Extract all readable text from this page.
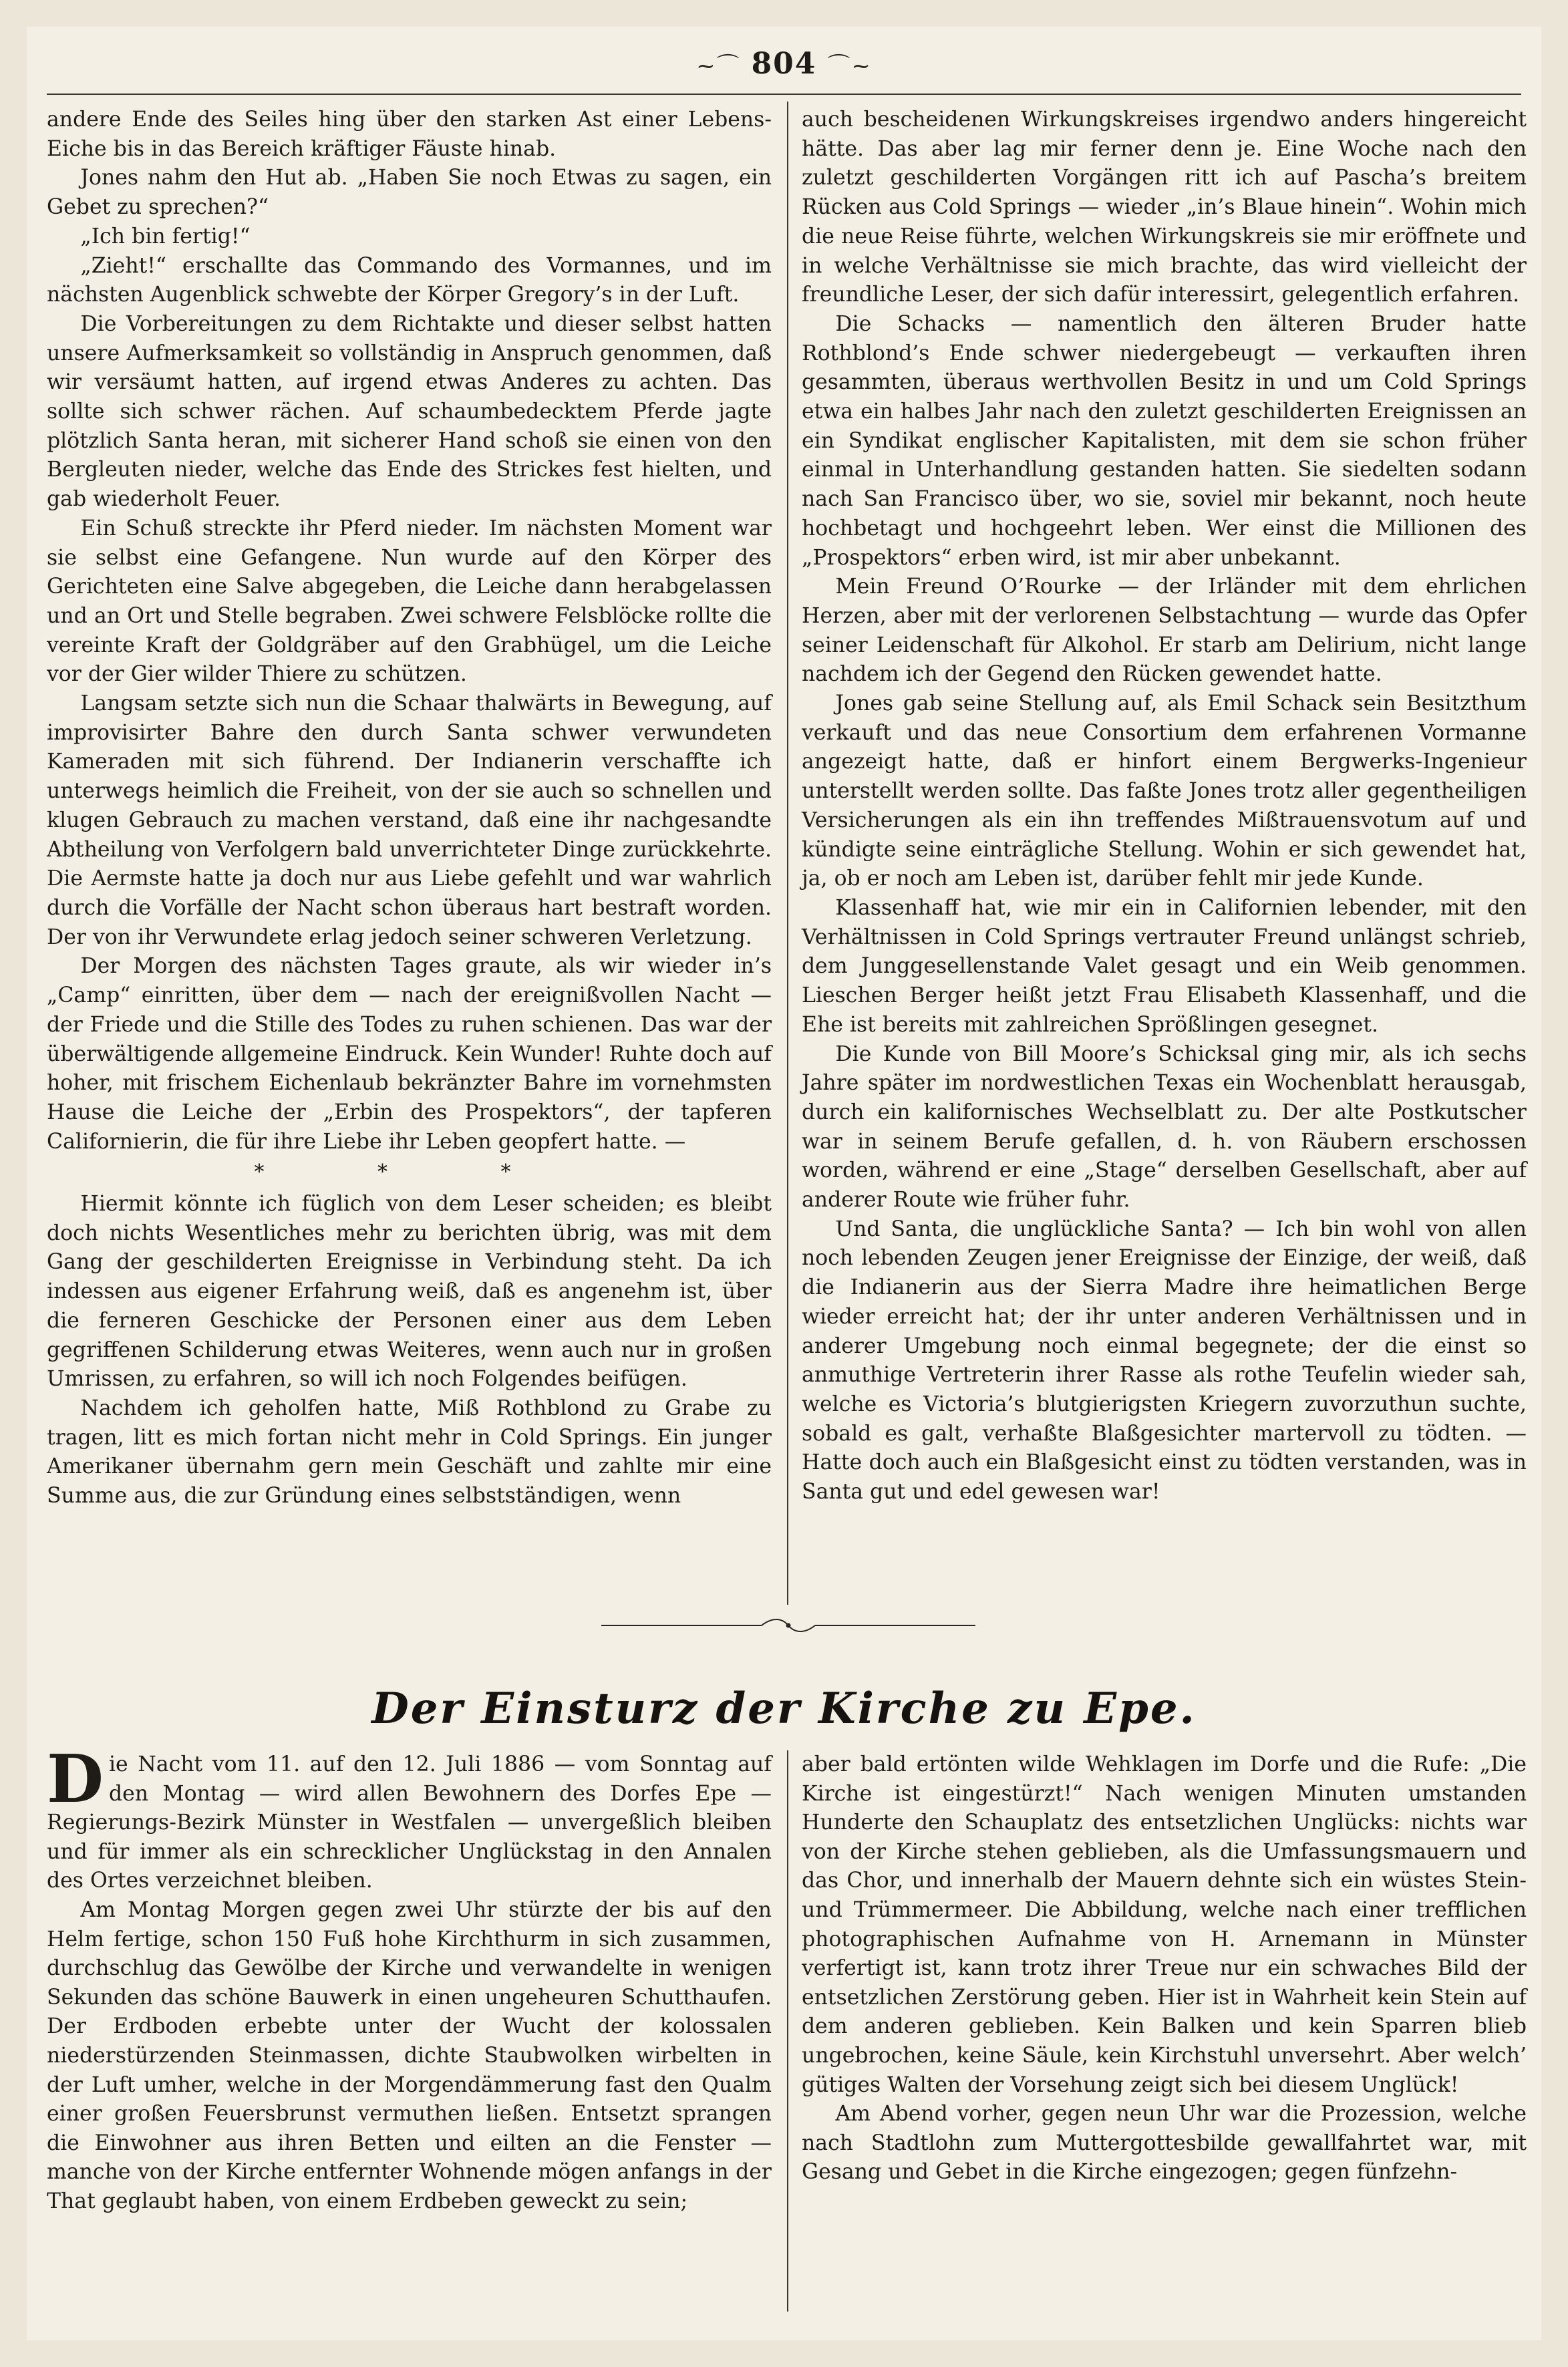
~⌒ 804 ⌒~

andere Ende des Seiles hing über den starken Ast einer Lebens-Eiche bis in das Bereich kräftiger Fäuste hinab.

Jones nahm den Hut ab. „Haben Sie noch Etwas zu sagen, ein Gebet zu sprechen?“

„Ich bin fertig!“

„Zieht!“ erschallte das Commando des Vormannes, und im nächsten Augenblick schwebte der Körper Gregory’s in der Luft.

Die Vorbereitungen zu dem Richtakte und dieser selbst hatten unsere Aufmerksamkeit so vollständig in Anspruch genommen, daß wir versäumt hatten, auf irgend etwas Anderes zu achten. Das sollte sich schwer rächen. Auf schaumbedecktem Pferde jagte plötzlich Santa heran, mit sicherer Hand schoß sie einen von den Bergleuten nieder, welche das Ende des Strickes fest hielten, und gab wiederholt Feuer.

Ein Schuß streckte ihr Pferd nieder. Im nächsten Moment war sie selbst eine Gefangene. Nun wurde auf den Körper des Gerichteten eine Salve abgegeben, die Leiche dann herabgelassen und an Ort und Stelle begraben. Zwei schwere Felsblöcke rollte die vereinte Kraft der Goldgräber auf den Grabhügel, um die Leiche vor der Gier wilder Thiere zu schützen.

Langsam setzte sich nun die Schaar thalwärts in Bewegung, auf improvisirter Bahre den durch Santa schwer verwundeten Kameraden mit sich führend. Der Indianerin verschaffte ich unterwegs heimlich die Freiheit, von der sie auch so schnellen und klugen Gebrauch zu machen verstand, daß eine ihr nachgesandte Abtheilung von Verfolgern bald unverrichteter Dinge zurückkehrte. Die Aermste hatte ja doch nur aus Liebe gefehlt und war wahrlich durch die Vorfälle der Nacht schon überaus hart bestraft worden. Der von ihr Verwundete erlag jedoch seiner schweren Verletzung.

Der Morgen des nächsten Tages graute, als wir wieder in’s „Camp“ einritten, über dem — nach der ereignißvollen Nacht — der Friede und die Stille des Todes zu ruhen schienen. Das war der überwältigende allgemeine Eindruck. Kein Wunder! Ruhte doch auf hoher, mit frischem Eichenlaub bekränzter Bahre im vornehmsten Hause die Leiche der „Erbin des Prospektors“, der tapferen Californierin, die für ihre Liebe ihr Leben geopfert hatte. —

* * *

Hiermit könnte ich füglich von dem Leser scheiden; es bleibt doch nichts Wesentliches mehr zu berichten übrig, was mit dem Gang der geschilderten Ereignisse in Verbindung steht. Da ich indessen aus eigener Erfahrung weiß, daß es angenehm ist, über die ferneren Geschicke der Personen einer aus dem Leben gegriffenen Schilderung etwas Weiteres, wenn auch nur in großen Umrissen, zu erfahren, so will ich noch Folgendes beifügen.

Nachdem ich geholfen hatte, Miß Rothblond zu Grabe zu tragen, litt es mich fortan nicht mehr in Cold Springs. Ein junger Amerikaner übernahm gern mein Geschäft und zahlte mir eine Summe aus, die zur Gründung eines selbstständigen, wenn

auch bescheidenen Wirkungskreises irgendwo anders hingereicht hätte. Das aber lag mir ferner denn je. Eine Woche nach den zuletzt geschilderten Vorgängen ritt ich auf Pascha’s breitem Rücken aus Cold Springs — wieder „in’s Blaue hinein“. Wohin mich die neue Reise führte, welchen Wirkungskreis sie mir eröffnete und in welche Verhältnisse sie mich brachte, das wird vielleicht der freundliche Leser, der sich dafür interessirt, gelegentlich erfahren.

Die Schacks — namentlich den älteren Bruder hatte Rothblond’s Ende schwer niedergebeugt — verkauften ihren gesammten, überaus werthvollen Besitz in und um Cold Springs etwa ein halbes Jahr nach den zuletzt geschilderten Ereignissen an ein Syndikat englischer Kapitalisten, mit dem sie schon früher einmal in Unterhandlung gestanden hatten. Sie siedelten sodann nach San Francisco über, wo sie, soviel mir bekannt, noch heute hochbetagt und hochgeehrt leben. Wer einst die Millionen des „Prospektors“ erben wird, ist mir aber unbekannt.

Mein Freund O’Rourke — der Irländer mit dem ehrlichen Herzen, aber mit der verlorenen Selbstachtung — wurde das Opfer seiner Leidenschaft für Alkohol. Er starb am Delirium, nicht lange nachdem ich der Gegend den Rücken gewendet hatte.

Jones gab seine Stellung auf, als Emil Schack sein Besitzthum verkauft und das neue Consortium dem erfahrenen Vormanne angezeigt hatte, daß er hinfort einem Bergwerks-Ingenieur unterstellt werden sollte. Das faßte Jones trotz aller gegentheiligen Versicherungen als ein ihn treffendes Mißtrauensvotum auf und kündigte seine einträgliche Stellung. Wohin er sich gewendet hat, ja, ob er noch am Leben ist, darüber fehlt mir jede Kunde.

Klassenhaff hat, wie mir ein in Californien lebender, mit den Verhältnissen in Cold Springs vertrauter Freund unlängst schrieb, dem Junggesellenstande Valet gesagt und ein Weib genommen. Lieschen Berger heißt jetzt Frau Elisabeth Klassenhaff, und die Ehe ist bereits mit zahlreichen Sprößlingen gesegnet.

Die Kunde von Bill Moore’s Schicksal ging mir, als ich sechs Jahre später im nordwestlichen Texas ein Wochenblatt herausgab, durch ein kalifornisches Wechselblatt zu. Der alte Postkutscher war in seinem Berufe gefallen, d. h. von Räubern erschossen worden, während er eine „Stage“ derselben Gesellschaft, aber auf anderer Route wie früher fuhr.

Und Santa, die unglückliche Santa? — Ich bin wohl von allen noch lebenden Zeugen jener Ereignisse der Einzige, der weiß, daß die Indianerin aus der Sierra Madre ihre heimatlichen Berge wieder erreicht hat; der ihr unter anderen Verhältnissen und in anderer Umgebung noch einmal begegnete; der die einst so anmuthige Vertreterin ihrer Rasse als rothe Teufelin wieder sah, welche es Victoria’s blutgierigsten Kriegern zuvorzuthun suchte, sobald es galt, verhaßte Blaßgesichter martervoll zu tödten. — Hatte doch auch ein Blaßgesicht einst zu tödten verstanden, was in Santa gut und edel gewesen war!

Der Einsturz der Kirche zu Epe.

Die Nacht vom 11. auf den 12. Juli 1886 — vom Sonntag auf den Montag — wird allen Bewohnern des Dorfes Epe — Regierungs-Bezirk Münster in Westfalen — unvergeßlich bleiben und für immer als ein schrecklicher Unglückstag in den Annalen des Ortes verzeichnet bleiben.

Am Montag Morgen gegen zwei Uhr stürzte der bis auf den Helm fertige, schon 150 Fuß hohe Kirchthurm in sich zusammen, durchschlug das Gewölbe der Kirche und verwandelte in wenigen Sekunden das schöne Bauwerk in einen ungeheuren Schutthaufen. Der Erdboden erbebte unter der Wucht der kolossalen niederstürzenden Steinmassen, dichte Staubwolken wirbelten in der Luft umher, welche in der Morgendämmerung fast den Qualm einer großen Feuersbrunst vermuthen ließen. Entsetzt sprangen die Einwohner aus ihren Betten und eilten an die Fenster — manche von der Kirche entfernter Wohnende mögen anfangs in der That geglaubt haben, von einem Erdbeben geweckt zu sein;

aber bald ertönten wilde Wehklagen im Dorfe und die Rufe: „Die Kirche ist eingestürzt!“ Nach wenigen Minuten umstanden Hunderte den Schauplatz des entsetzlichen Unglücks: nichts war von der Kirche stehen geblieben, als die Umfassungsmauern und das Chor, und innerhalb der Mauern dehnte sich ein wüstes Stein- und Trümmermeer. Die Abbildung, welche nach einer trefflichen photographischen Aufnahme von H. Arnemann in Münster verfertigt ist, kann trotz ihrer Treue nur ein schwaches Bild der entsetzlichen Zerstörung geben. Hier ist in Wahrheit kein Stein auf dem anderen geblieben. Kein Balken und kein Sparren blieb ungebrochen, keine Säule, kein Kirchstuhl unversehrt. Aber welch’ gütiges Walten der Vorsehung zeigt sich bei diesem Unglück!

Am Abend vorher, gegen neun Uhr war die Prozession, welche nach Stadtlohn zum Muttergottesbilde gewallfahrtet war, mit Gesang und Gebet in die Kirche eingezogen; gegen fünfzehn-
